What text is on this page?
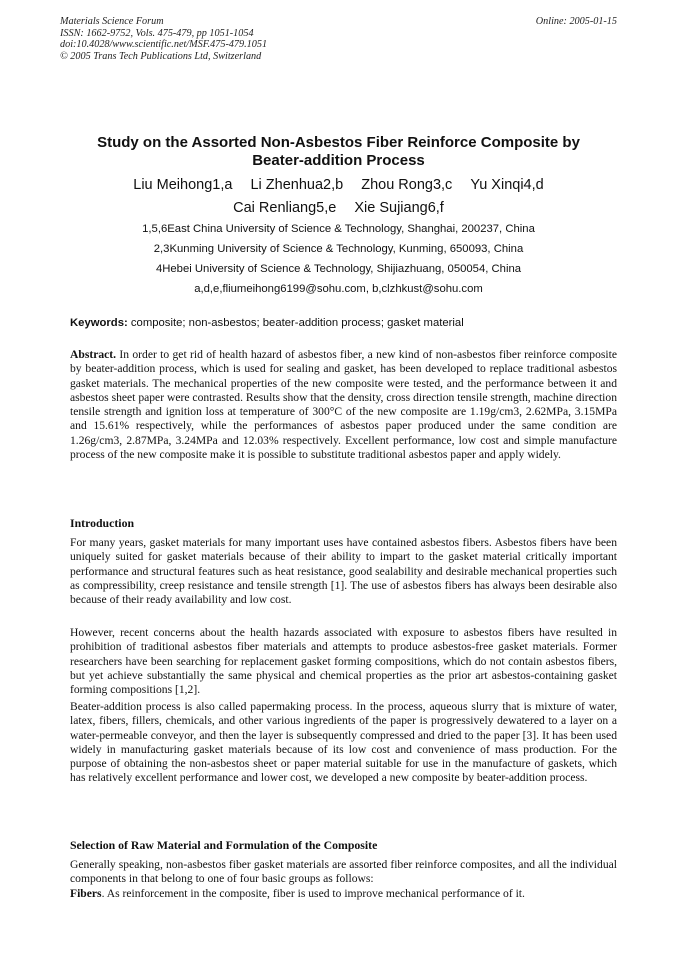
Materials Science Forum
ISSN: 1662-9752, Vols. 475-479, pp 1051-1054
doi:10.4028/www.scientific.net/MSF.475-479.1051
© 2005 Trans Tech Publications Ltd, Switzerland
Online: 2005-01-15
Study on the Assorted Non-Asbestos Fiber Reinforce Composite by
Beater-addition Process
Liu Meihong1,a Li Zhenhua2,b Zhou Rong3,c Yu Xinqi4,d
Cai Renliang5,e Xie Sujiang6,f
1,5,6East China University of Science & Technology, Shanghai, 200237, China
2,3Kunming University of Science & Technology, Kunming, 650093, China
4Hebei University of Science & Technology, Shijiazhuang, 050054, China
a,d,e,fliumeihong6199@sohu.com, b,clzhkust@sohu.com
Keywords: composite; non-asbestos; beater-addition process; gasket material
Abstract. In order to get rid of health hazard of asbestos fiber, a new kind of non-asbestos fiber reinforce composite by beater-addition process, which is used for sealing and gasket, has been developed to replace traditional asbestos gasket materials. The mechanical properties of the new composite were tested, and the performance between it and asbestos sheet paper were contrasted. Results show that the density, cross direction tensile strength, machine direction tensile strength and ignition loss at temperature of 300°C of the new composite are 1.19g/cm3, 2.62MPa, 3.15MPa and 15.61% respectively, while the performances of asbestos paper produced under the same condition are 1.26g/cm3, 2.87MPa, 3.24MPa and 12.03% respectively. Excellent performance, low cost and simple manufacture process of the new composite make it is possible to substitute traditional asbestos paper and apply widely.
Introduction
For many years, gasket materials for many important uses have contained asbestos fibers. Asbestos fibers have been uniquely suited for gasket materials because of their ability to impart to the gasket material critically important performance and structural features such as heat resistance, good sealability and desirable mechanical properties such as compressibility, creep resistance and tensile strength [1]. The use of asbestos fibers has always been desirable also because of their ready availability and low cost.
However, recent concerns about the health hazards associated with exposure to asbestos fibers have resulted in prohibition of traditional asbestos fiber materials and attempts to produce asbestos-free gasket materials. Former researchers have been searching for replacement gasket forming compositions, which do not contain asbestos fibers, but yet achieve substantially the same physical and chemical properties as the prior art asbestos-containing gasket forming compositions [1,2].
Beater-addition process is also called papermaking process. In the process, aqueous slurry that is mixture of water, latex, fibers, fillers, chemicals, and other various ingredients of the paper is progressively dewatered to a layer on a water-permeable conveyor, and then the layer is subsequently compressed and dried to the paper [3]. It has been used widely in manufacturing gasket materials because of its low cost and convenience of mass production. For the purpose of obtaining the non-asbestos sheet or paper material suitable for use in the manufacture of gaskets, which has relatively excellent performance and lower cost, we developed a new composite by beater-addition process.
Selection of Raw Material and Formulation of the Composite
Generally speaking, non-asbestos fiber gasket materials are assorted fiber reinforce composites, and all the individual components in that belong to one of four basic groups as follows:
Fibers. As reinforcement in the composite, fiber is used to improve mechanical performance of it.
